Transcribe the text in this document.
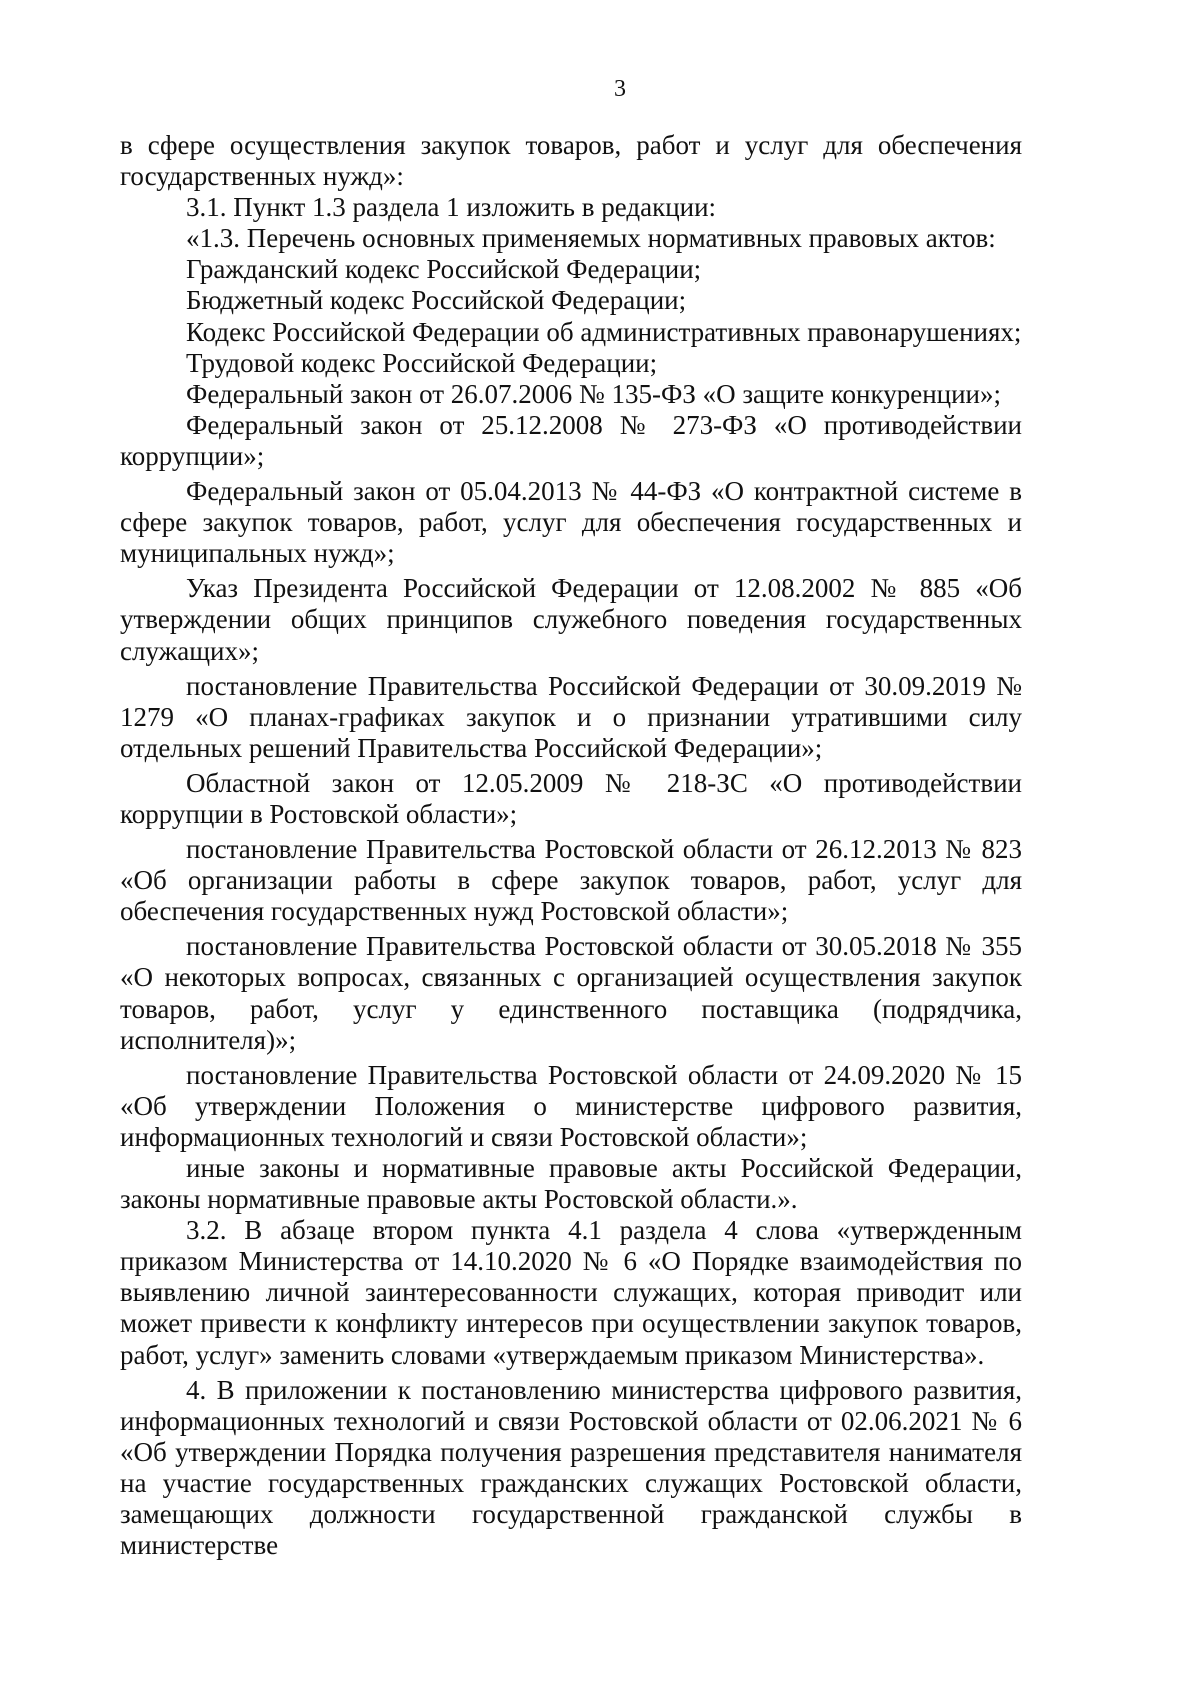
3

в сфере осуществления закупок товаров, работ и услуг для обеспечения государственных нужд»:

3.1. Пункт 1.3 раздела 1 изложить в редакции:

«1.3. Перечень основных применяемых нормативных правовых актов:

Гражданский кодекс Российской Федерации;

Бюджетный кодекс Российской Федерации;

Кодекс Российской Федерации об административных правонарушениях;

Трудовой кодекс Российской Федерации;

Федеральный закон от 26.07.2006 № 135-ФЗ «О защите конкуренции»;

Федеральный закон от 25.12.2008 № 273-ФЗ «О противодействии коррупции»;

Федеральный закон от 05.04.2013 № 44-ФЗ «О контрактной системе в сфере закупок товаров, работ, услуг для обеспечения государственных и муниципальных нужд»;

Указ Президента Российской Федерации от 12.08.2002 № 885 «Об утверждении общих принципов служебного поведения государственных служащих»;

постановление Правительства Российской Федерации от 30.09.2019 № 1279 «О планах-графиках закупок и о признании утратившими силу отдельных решений Правительства Российской Федерации»;

Областной закон от 12.05.2009 № 218-ЗС «О противодействии коррупции в Ростовской области»;

постановление Правительства Ростовской области от 26.12.2013 № 823 «Об организации работы в сфере закупок товаров, работ, услуг для обеспечения государственных нужд Ростовской области»;

постановление Правительства Ростовской области от 30.05.2018 № 355 «О некоторых вопросах, связанных с организацией осуществления закупок товаров, работ, услуг у единственного поставщика (подрядчика, исполнителя)»;

постановление Правительства Ростовской области от 24.09.2020 № 15 «Об утверждении Положения о министерстве цифрового развития, информационных технологий и связи Ростовской области»;

иные законы и нормативные правовые акты Российской Федерации, законы нормативные правовые акты Ростовской области.».

3.2. В абзаце втором пункта 4.1 раздела 4 слова «утвержденным приказом Министерства от 14.10.2020 № 6 «О Порядке взаимодействия по выявлению личной заинтересованности служащих, которая приводит или может привести к конфликту интересов при осуществлении закупок товаров, работ, услуг» заменить словами «утверждаемым приказом Министерства».

4. В приложении к постановлению министерства цифрового развития, информационных технологий и связи Ростовской области от 02.06.2021 № 6 «Об утверждении Порядка получения разрешения представителя нанимателя на участие государственных гражданских служащих Ростовской области, замещающих должности государственной гражданской службы в министерстве
